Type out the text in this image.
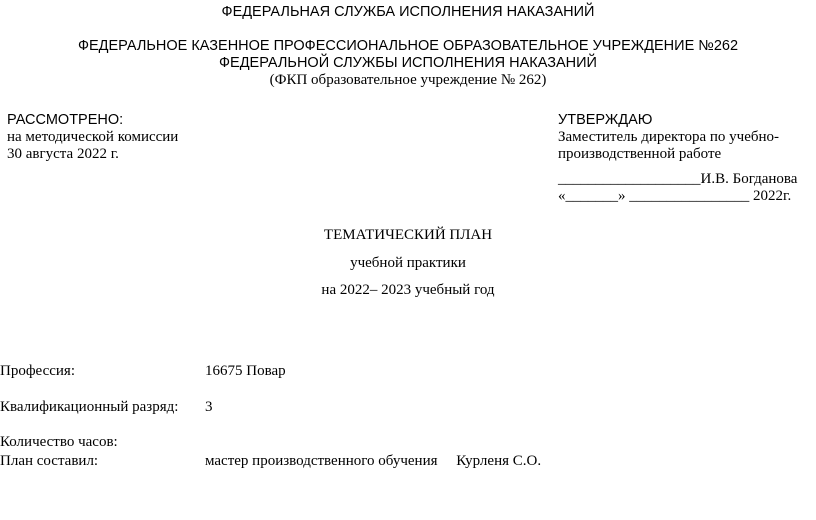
ФЕДЕРАЛЬНАЯ СЛУЖБА ИСПОЛНЕНИЯ НАКАЗАНИЙ
ФЕДЕРАЛЬНОЕ КАЗЕННОЕ ПРОФЕССИОНАЛЬНОЕ ОБРАЗОВАТЕЛЬНОЕ УЧРЕЖДЕНИЕ №262
ФЕДЕРАЛЬНОЙ СЛУЖБЫ ИСПОЛНЕНИЯ НАКАЗАНИЙ
(ФКП образовательное учреждение № 262)
РАССМОТРЕНО:
на методической комиссии
30 августа 2022 г.
УТВЕРЖДАЮ
Заместитель директора по учебно-
производственной работе
___________________И.В. Богданова
«_______» ________________ 2022г.
ТЕМАТИЧЕСКИЙ ПЛАН
учебной практики
на 2022– 2023 учебный год
Профессия:	16675 Повар
Квалификационный разряд: 3
Количество часов:
План составил:	мастер производственного обучения     Курленя С.О.
